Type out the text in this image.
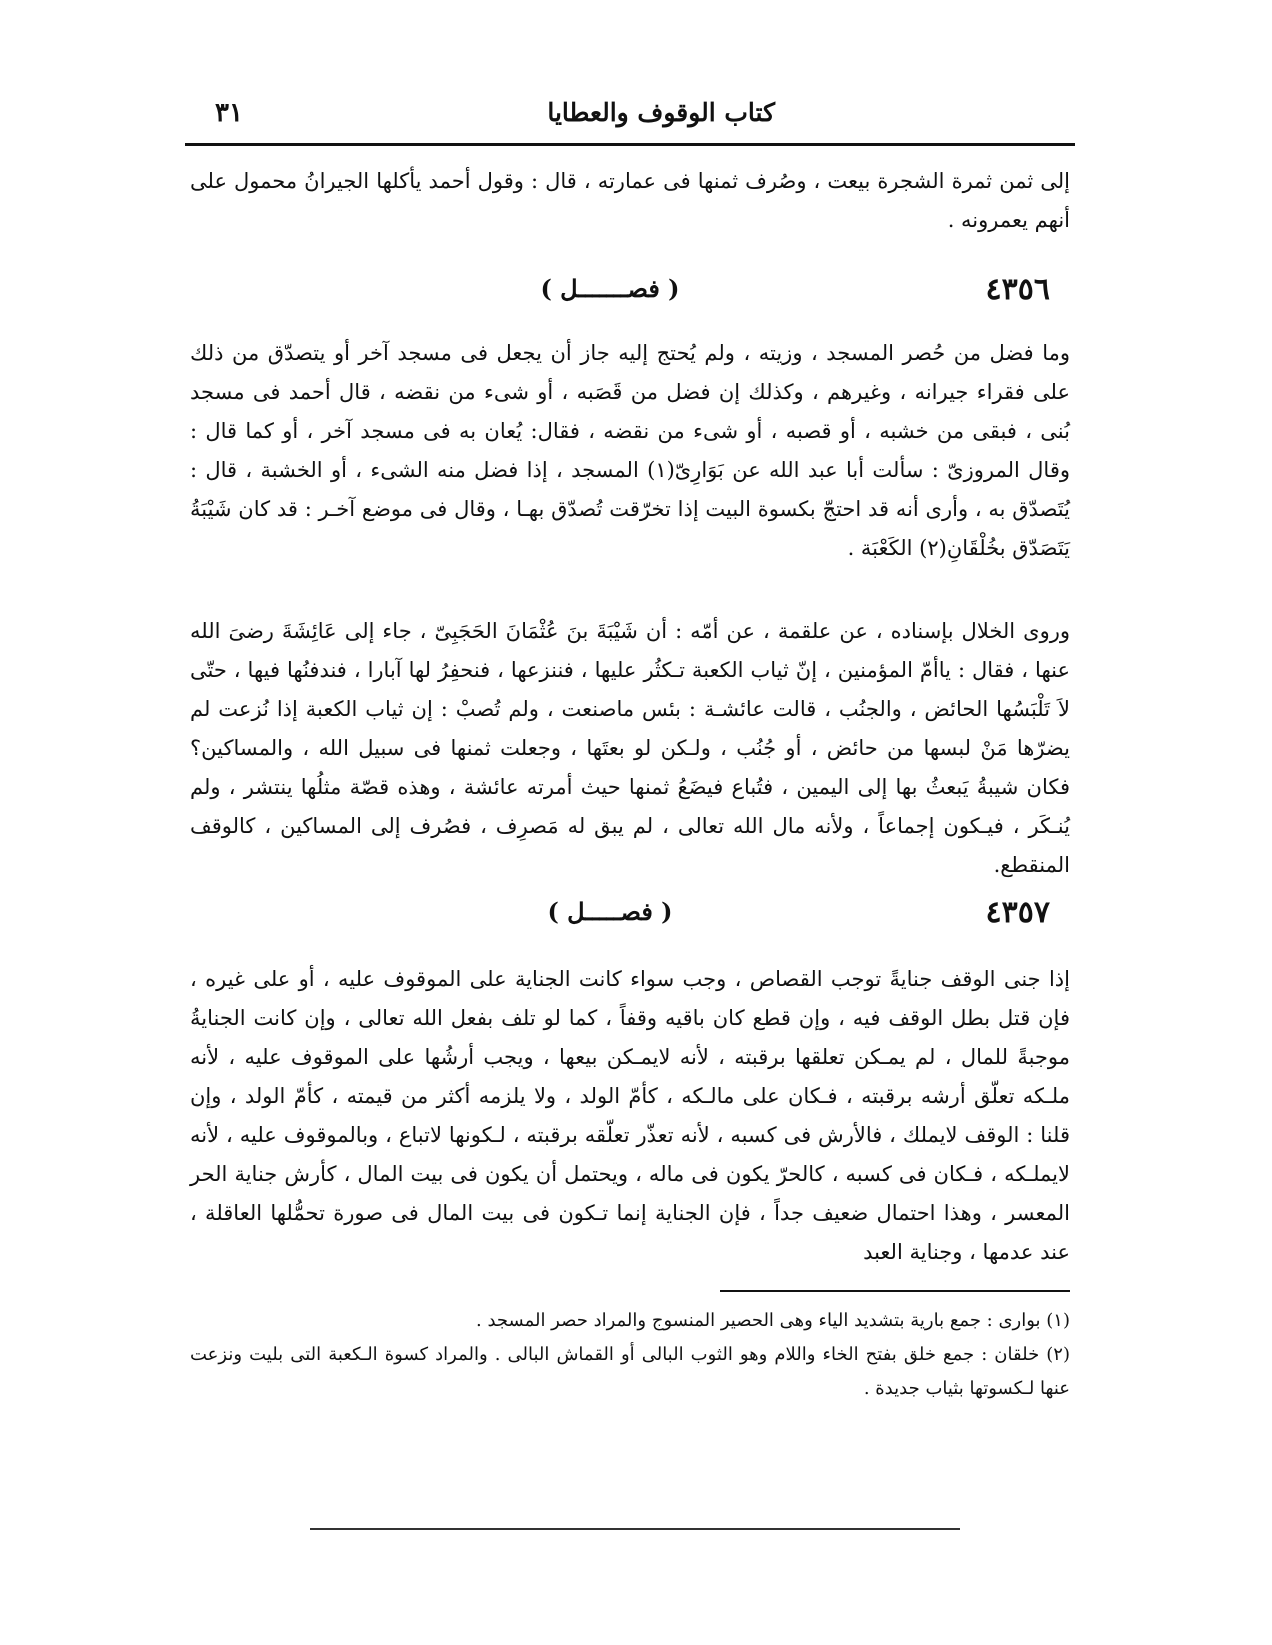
كتاب الوقوف والعطايا
٣١
إلى ثمن ثمرة الشجرة بيعت ، وصُرف ثمنها فى عمارته ، قال : وقول أحمد يأكلها الجيرانُ محمول على أنهم يعمرونه .
٤٣٥٦
( فصـــــــل )
وما فضل من حُصر المسجد ، وزيته ، ولم يُحتج إليه جاز أن يجعل فى مسجد آخر أو يتصدّق من ذلك على فقراء جيرانه ، وغيرهم ، وكذلك إن فضل من قَصَبه ، أو شىء من نقضه ، قال أحمد فى مسجد بُنى ، فبقى من خشبه ، أو قصبه ، أو شىء من نقضه ، فقال: يُعان به فى مسجد آخر ، أو كما قال : وقال المروزىّ : سألت أبا عبد الله عن بَوَارِىّ(١) المسجد ، إذا فضل منه الشىء ، أو الخشبة ، قال : يُتَصدّق به ، وأرى أنه قد احتجّ بكسوة البيت إذا تخرّقت تُصدّق بهـا ، وقال فى موضع آخـر : قد كان شَيْبَةُ يَتَصَدّق بخُلْقَانِ(٢) الكَعْبَة .
وروى الخلال بإسناده ، عن علقمة ، عن أمّه : أن شَيْبَةَ بنَ عُثْمَانَ الحَجَبِىّ ، جاء إلى عَائِشَةَ رضىَ الله عنها ، فقال : ياأمّ المؤمنين ، إنّ ثياب الكعبة تـكثُر عليها ، فننزعها ، فنحفِرُ لها آبارا ، فندفنُها فيها ، حتّى لاَ تَلْبَسُها الحائض ، والجنُب ، قالت عائشـة : بئس ماصنعت ، ولم تُصبْ : إن ثياب الكعبة إذا نُزعت لم يضرّها مَنْ لبسها من حائض ، أو جُنُب ، ولـكن لو بعتَها ، وجعلت ثمنها فى سبيل الله ، والمساكين؟ فكان شيبةُ يَبعثُ بها إلى اليمين ، فتُباع فيضَعُ ثمنها حيث أمرته عائشة ، وهذه قصّة مثلُها ينتشر ، ولم يُنـكَر ، فيـكون إجماعاً ، ولأنه مال الله تعالى ، لم يبق له مَصرِف ، فصُرف إلى المساكين ، كالوقف المنقطع.
٤٣٥٧
( فصـــــل )
إذا جنى الوقف جنايةً توجب القصاص ، وجب سواء كانت الجناية على الموقوف عليه ، أو على غيره ، فإن قتل بطل الوقف فيه ، وإن قطع كان باقيه وقفاً ، كما لو تلف بفعل الله تعالى ، وإن كانت الجنايةُ موجبةً للمال ، لم يمـكن تعلقها برقبته ، لأنه لايمـكن بيعها ، ويجب أرشُها على الموقوف عليه ، لأنه ملـكه تعلّق أرشه برقبته ، فـكان على مالـكه ، كأمّ الولد ، ولا يلزمه أكثر من قيمته ، كأمّ الولد ، وإن قلنا : الوقف لايملك ، فالأرش فى كسبه ، لأنه تعذّر تعلّقه برقبته ، لـكونها لاتباع ، وبالموقوف عليه ، لأنه لايملـكه ، فـكان فى كسبه ، كالحرّ يكون فى ماله ، ويحتمل أن يكون فى بيت المال ، كأرش جناية الحر المعسر ، وهذا احتمال ضعيف جداً ، فإن الجناية إنما تـكون فى بيت المال فى صورة تحمُّلها العاقلة ، عند عدمها ، وجناية العبد

(١) بوارى : جمع بارية بتشديد الياء وهى الحصير المنسوج والمراد حصر المسجد .

(٢) خلقان : جمع خلق بفتح الخاء واللام وهو الثوب البالى أو القماش البالى . والمراد كسوة الـكعبة التى بليت ونزعت عنها لـكسوتها بثياب جديدة .
